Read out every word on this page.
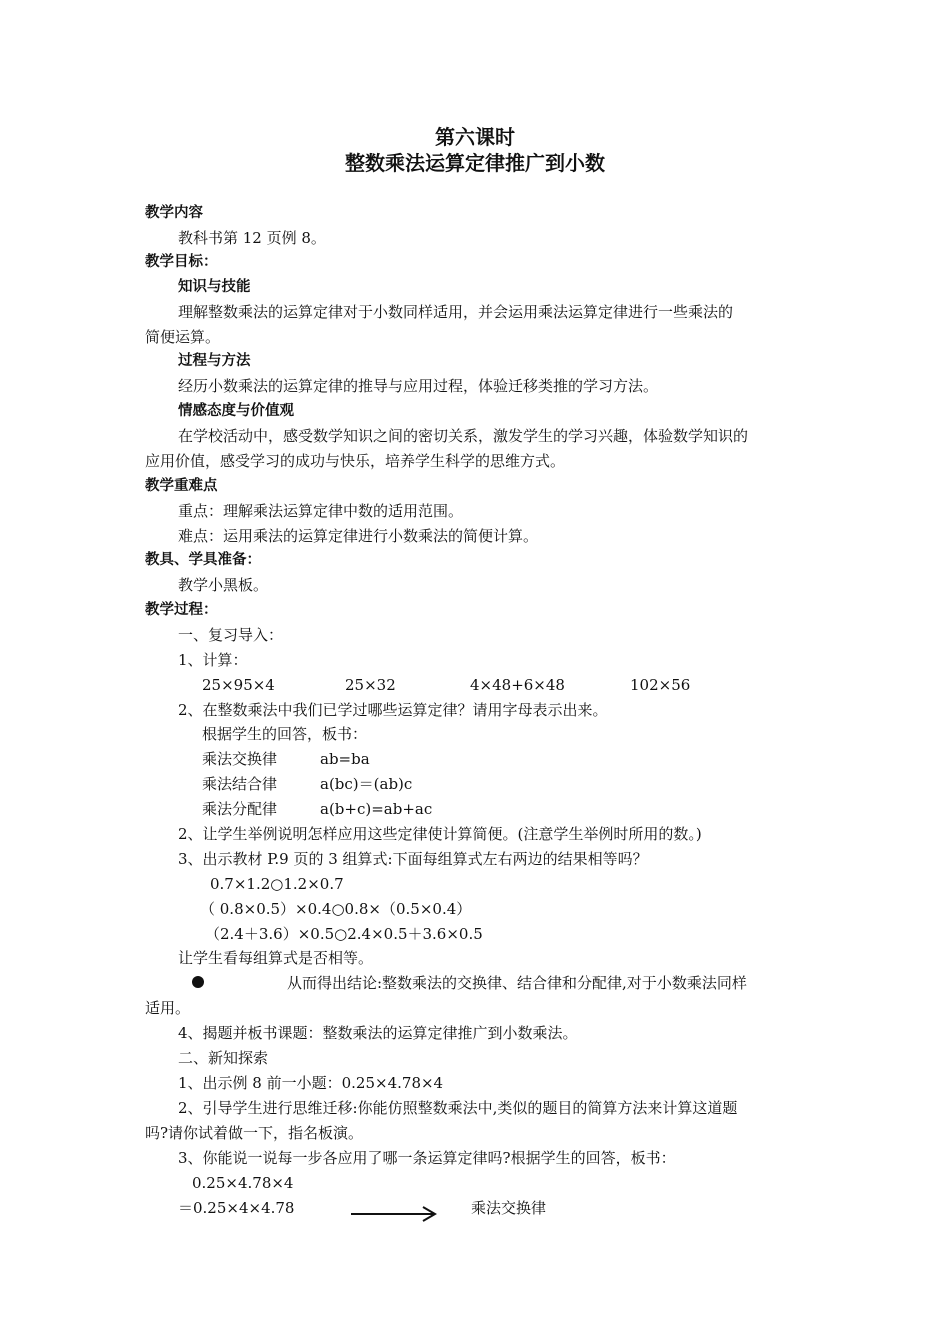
第六课时
整数乘法运算定律推广到小数
教学内容
教科书第 12 页例 8。
教学目标：
知识与技能
理解整数乘法的运算定律对于小数同样适用，并会运用乘法运算定律进行一些乘法的
简便运算。
过程与方法
经历小数乘法的运算定律的推导与应用过程，体验迁移类推的学习方法。
情感态度与价值观
在学校活动中，感受数学知识之间的密切关系，激发学生的学习兴趣，体验数学知识的
应用价值，感受学习的成功与快乐，培养学生科学的思维方式。
教学重难点
重点：理解乘法运算定律中数的适用范围。
难点：运用乘法的运算定律进行小数乘法的简便计算。
教具、学具准备：
教学小黑板。
教学过程：
一、复习导入：
1、计算：
25×95×4	25×32	4×48+6×48	102×56
2、在整数乘法中我们已学过哪些运算定律？请用字母表示出来。
根据学生的回答，板书：
乘法交换律	ab=ba
乘法结合律	a(bc)＝(ab)c
乘法分配律	a(b+c)=ab+ac
2、让学生举例说明怎样应用这些定律使计算简便。(注意学生举例时所用的数。)
3、出示教材 P.9 页的 3 组算式:下面每组算式左右两边的结果相等吗？
0.7×1.2○1.2×0.7
（ 0.8×0.5）×0.4○0.8×（0.5×0.4）
（2.4＋3.6）×0.5○2.4×0.5＋3.6×0.5
让学生看每组算式是否相等。
从而得出结论:整数乘法的交换律、结合律和分配律,对于小数乘法同样
适用。
4、揭题并板书课题：整数乘法的运算定律推广到小数乘法。
二、新知探索
1、出示例 8 前一小题：0.25×4.78×4
2、引导学生进行思维迁移:你能仿照整数乘法中,类似的题目的简算方法来计算这道题
吗?请你试着做一下，指名板演。
3、你能说一说每一步各应用了哪一条运算定律吗?根据学生的回答，板书：
0.25×4.78×4
＝0.25×4×4.78	乘法交换律
